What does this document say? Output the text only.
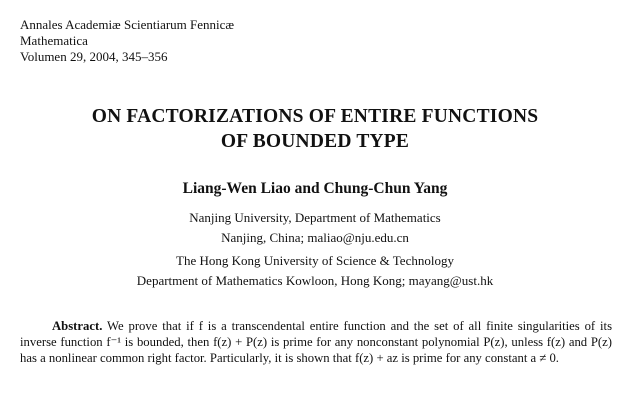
Annales Academiæ Scientiarum Fennicæ
Mathematica
Volumen 29, 2004, 345–356
ON FACTORIZATIONS OF ENTIRE FUNCTIONS
OF BOUNDED TYPE
Liang-Wen Liao and Chung-Chun Yang
Nanjing University, Department of Mathematics
Nanjing, China; maliao@nju.edu.cn
The Hong Kong University of Science & Technology
Department of Mathematics Kowloon, Hong Kong; mayang@ust.hk
Abstract. We prove that if f is a transcendental entire function and the set of all finite singularities of its inverse function f⁻¹ is bounded, then f(z) + P(z) is prime for any nonconstant polynomial P(z), unless f(z) and P(z) has a nonlinear common right factor. Particularly, it is shown that f(z) + az is prime for any constant a ≠ 0.
